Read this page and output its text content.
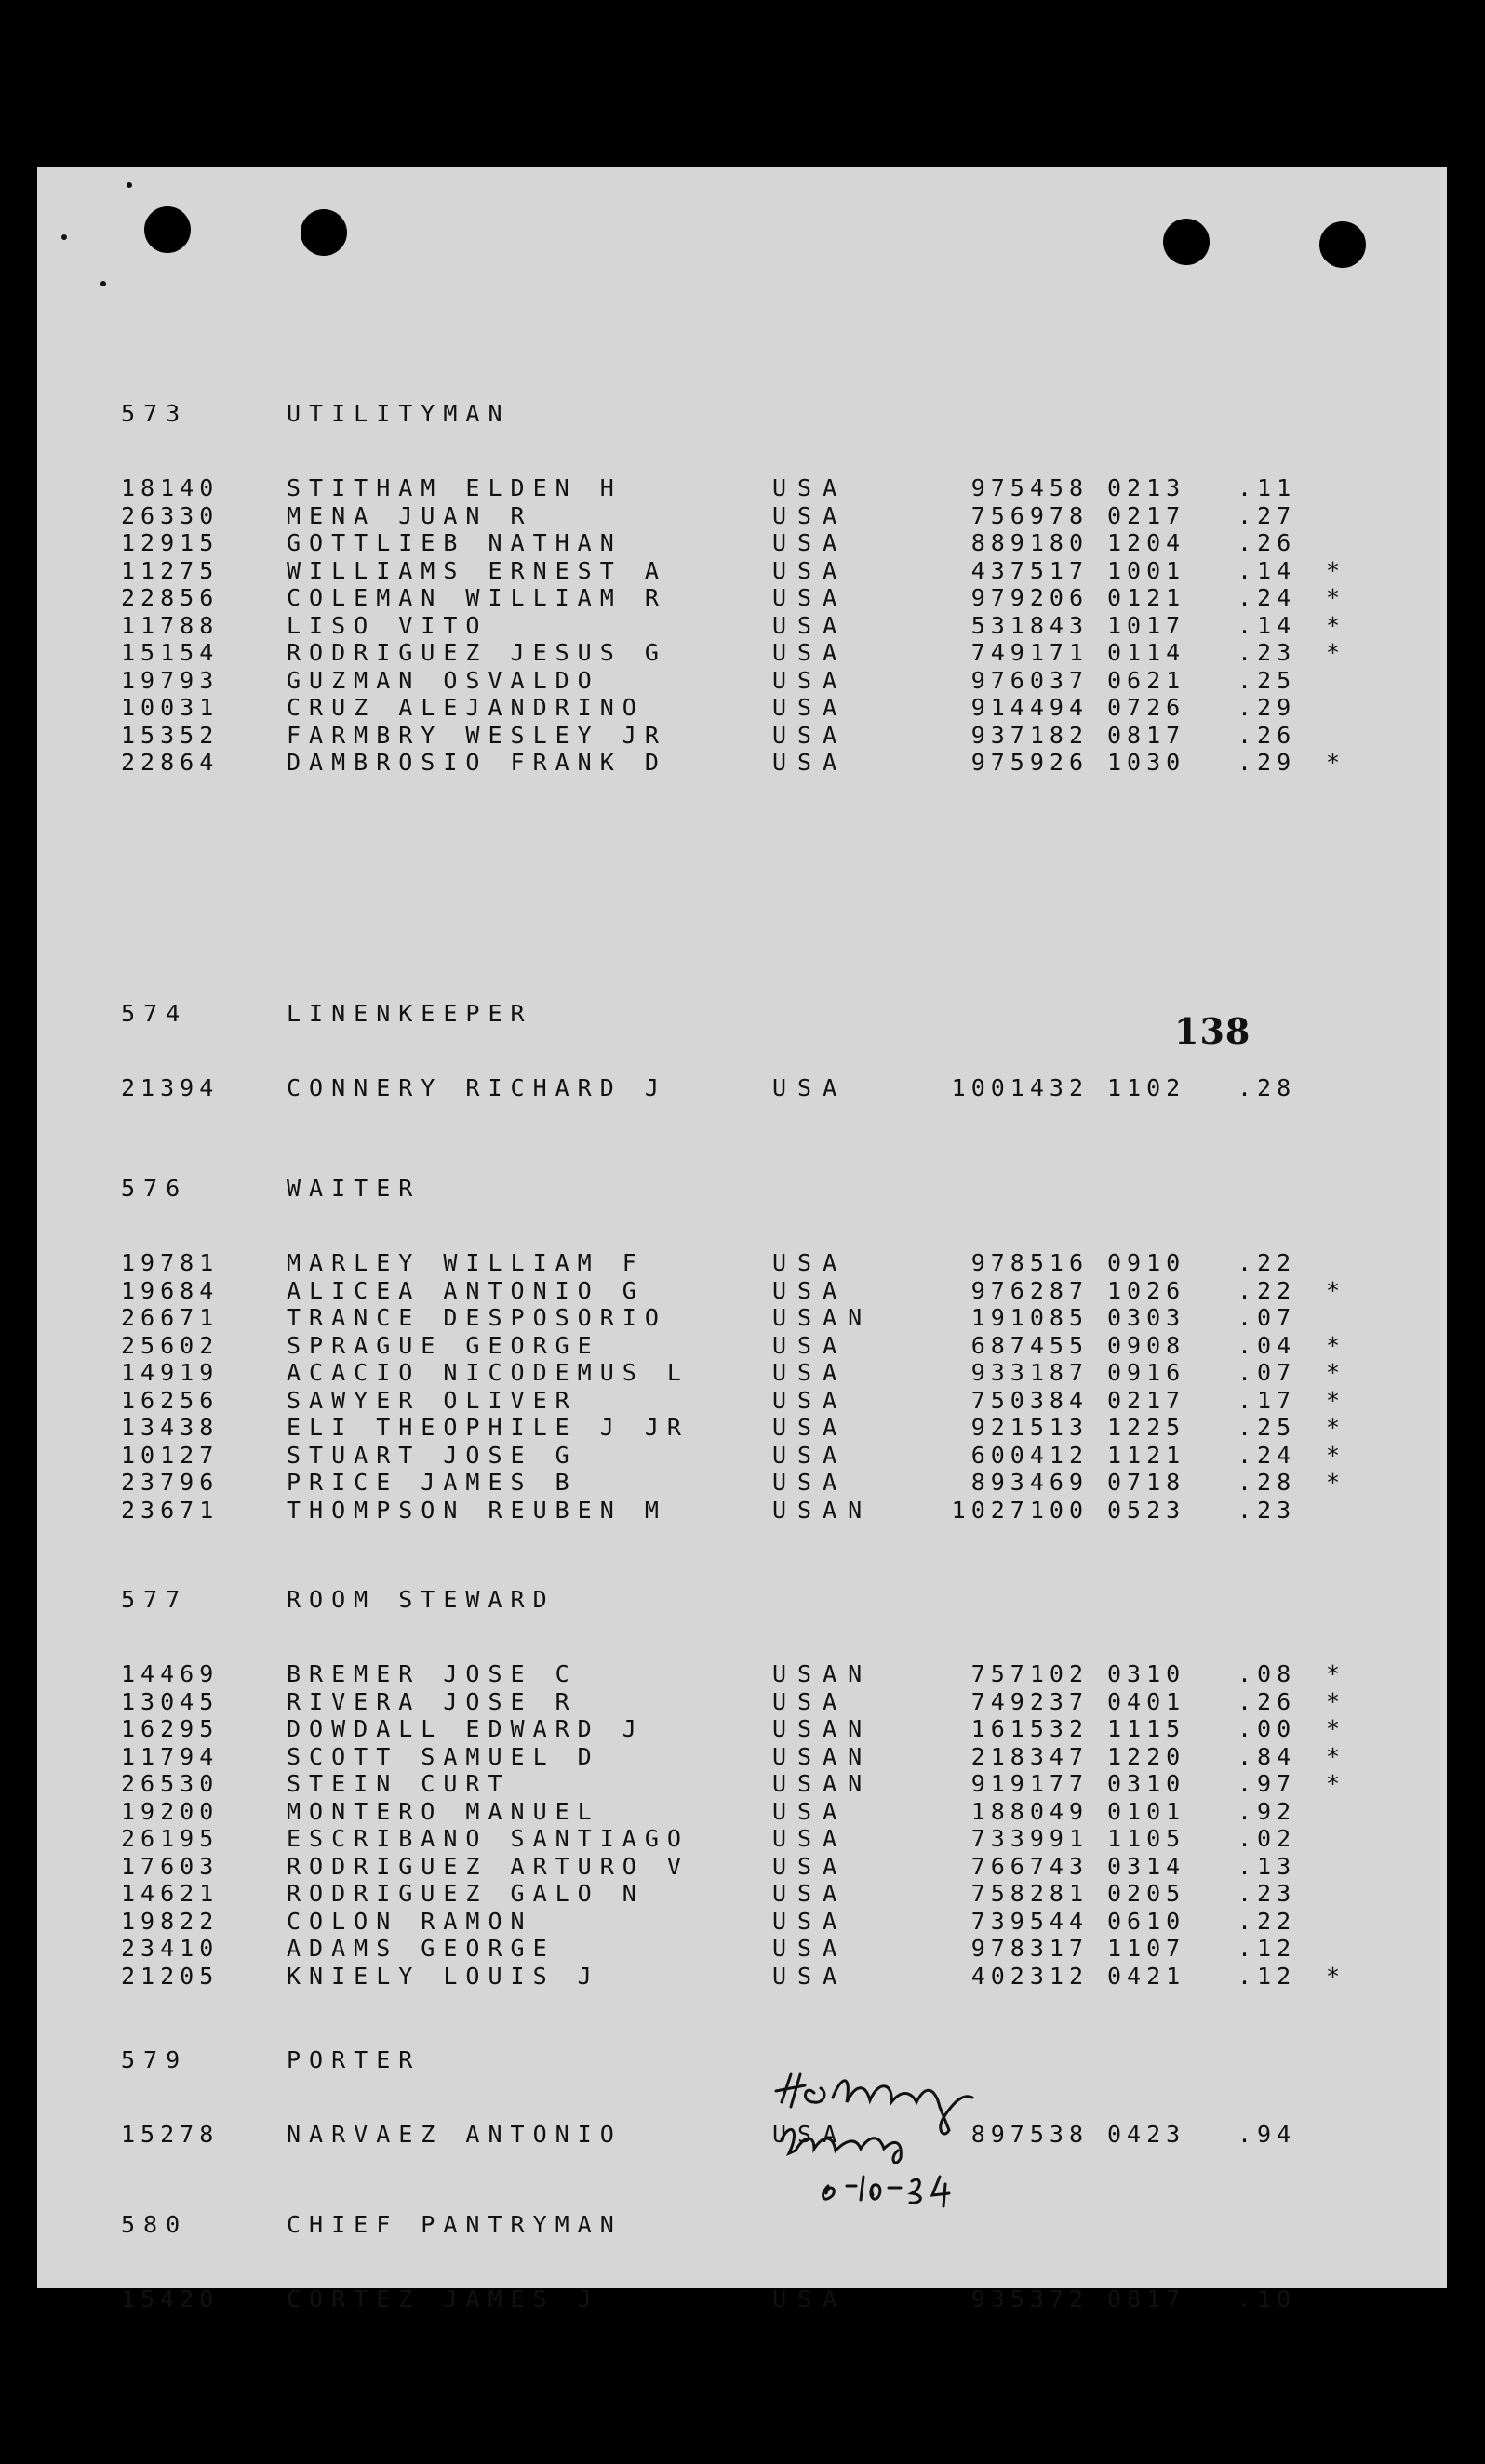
138
573	UTILITYMAN
18140	STITHAM ELDEN H	USA	975458 0213 .11
26330	MENA JUAN R	USA	756978 0217 .27
12915	GOTTLIEB NATHAN	USA	889180 1204 .26
11275	WILLIAMS ERNEST A	USA	437517 1001 .14 *
22856	COLEMAN WILLIAM R	USA	979206 0121 .24 *
11788	LISO VITO	USA	531843 1017 .14 *
15154	RODRIGUEZ JESUS G	USA	749171 0114 .23 *
19793	GUZMAN OSVALDO	USA	976037 0621 .25
10031	CRUZ ALEJANDRINO	USA	914494 0726 .29
15352	FARMBRY WESLEY JR	USA	937182 0817 .26
22864	DAMBROSIO FRANK D	USA	975926 1030 .29 *
574	LINENKEEPER
21394	CONNERY RICHARD J	USA	1001432 1102 .28
576	WAITER
19781	MARLEY WILLIAM F	USA	978516 0910 .22
19684	ALICEA ANTONIO G	USA	976287 1026 .22 *
26671	TRANCE DESPOSORIO	USAN	191085 0303 .07
25602	SPRAGUE GEORGE	USA	687455 0908 .04 *
14919	ACACIO NICODEMUS L	USA	933187 0916 .07 *
16256	SAWYER OLIVER	USA	750384 0217 .17 *
13438	ELI THEOPHILE J JR	USA	921513 1225 .25 *
10127	STUART JOSE G	USA	600412 1121 .24 *
23796	PRICE JAMES B	USA	893469 0718 .28 *
23671	THOMPSON REUBEN M	USAN	1027100 0523 .23
577	ROOM STEWARD
14469	BREMER JOSE C	USAN	757102 0310 .08 *
13045	RIVERA JOSE R	USA	749237 0401 .26 *
16295	DOWDALL EDWARD J	USAN	161532 1115 .00 *
11794	SCOTT SAMUEL D	USAN	218347 1220 .84 *
26530	STEIN CURT	USAN	919177 0310 .97 *
19200	MONTERO MANUEL	USA	188049 0101 .92
26195	ESCRIBANO SANTIAGO	USA	733991 1105 .02
17603	RODRIGUEZ ARTURO V	USA	766743 0314 .13
14621	RODRIGUEZ GALO N	USA	758281 0205 .23
19822	COLON RAMON	USA	739544 0610 .22
23410	ADAMS GEORGE	USA	978317 1107 .12
21205	KNIELY LOUIS J	USA	402312 0421 .12 *
579	PORTER
15278	NARVAEZ ANTONIO	USA	897538 0423 .94
580	CHIEF PANTRYMAN
15420	CORTEZ JAMES J	USA	935372 0817 .10
